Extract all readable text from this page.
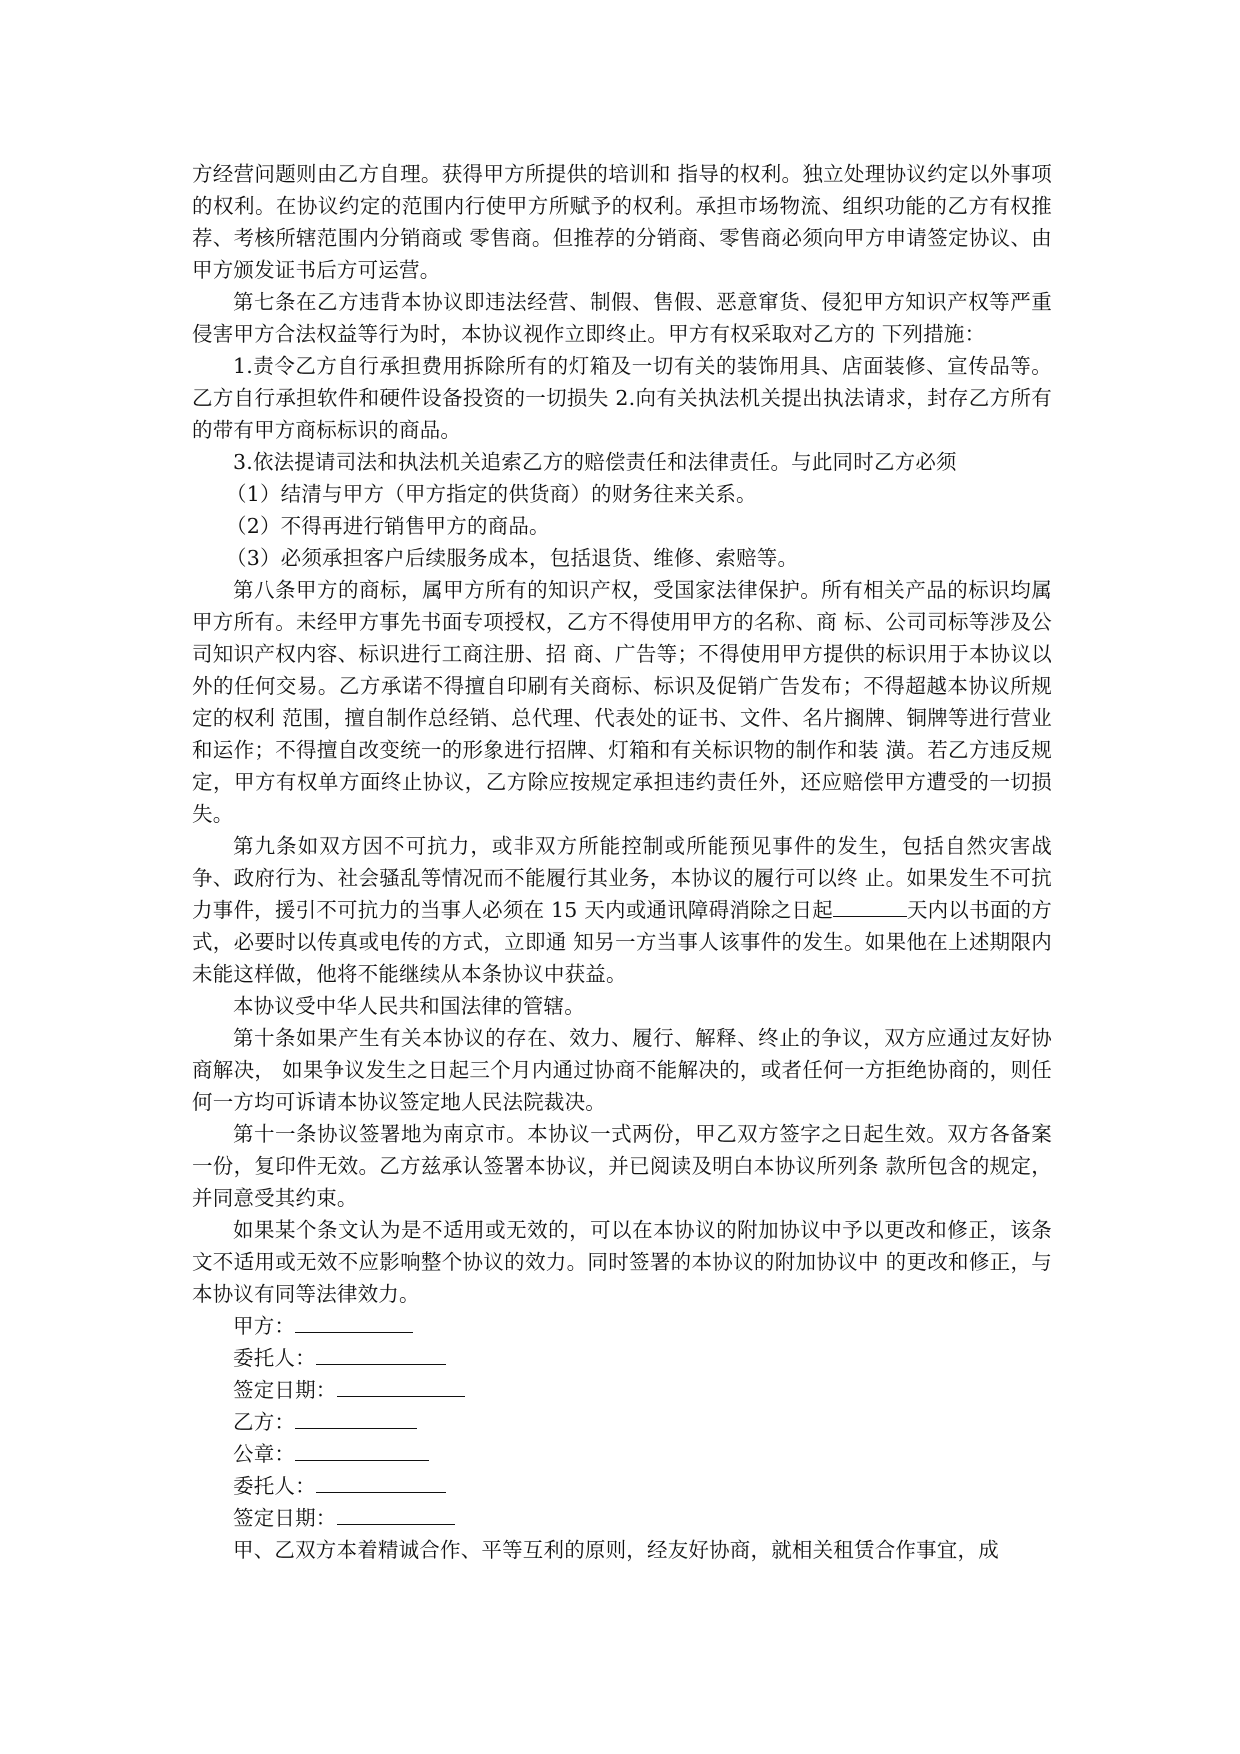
方经营问题则由乙方自理。获得甲方所提供的培训和 指导的权利。独立处理协议约定以外事项的权利。在协议约定的范围内行使甲方所赋予的权利。承担市场物流、组织功能的乙方有权推荐、考核所辖范围内分销商或 零售商。但推荐的分销商、零售商必须向甲方申请签定协议、由甲方颁发证书后方可运营。

第七条在乙方违背本协议即违法经营、制假、售假、恶意窜货、侵犯甲方知识产权等严重侵害甲方合法权益等行为时，本协议视作立即终止。甲方有权采取对乙方的 下列措施：

1.责令乙方自行承担费用拆除所有的灯箱及一切有关的装饰用具、店面装修、宣传品等。乙方自行承担软件和硬件设备投资的一切损失 2.向有关执法机关提出执法请求，封存乙方所有的带有甲方商标标识的商品。

3.依法提请司法和执法机关追索乙方的赔偿责任和法律责任。与此同时乙方必须

（1）结清与甲方（甲方指定的供货商）的财务往来关系。

（2）不得再进行销售甲方的商品。

（3）必须承担客户后续服务成本，包括退货、维修、索赔等。

第八条甲方的商标，属甲方所有的知识产权，受国家法律保护。所有相关产品的标识均属甲方所有。未经甲方事先书面专项授权，乙方不得使用甲方的名称、商 标、公司司标等涉及公司知识产权内容、标识进行工商注册、招 商、广告等；不得使用甲方提供的标识用于本协议以外的任何交易。乙方承诺不得擅自印刷有关商标、标识及促销广告发布；不得超越本协议所规定的权利 范围，擅自制作总经销、总代理、代表处的证书、文件、名片搁牌、铜牌等进行营业和运作；不得擅自改变统一的形象进行招牌、灯箱和有关标识物的制作和装 潢。若乙方违反规定，甲方有权单方面终止协议，乙方除应按规定承担违约责任外，还应赔偿甲方遭受的一切损失。

第九条如双方因不可抗力，或非双方所能控制或所能预见事件的发生，包括自然灾害战争、政府行为、社会骚乱等情况而不能履行其业务，本协议的履行可以终 止。如果发生不可抗力事件，援引不可抗力的当事人必须在 15 天内或通讯障碍消除之日起	天内以书面的方式，必要时以传真或电传的方式，立即通 知另一方当事人该事件的发生。如果他在上述期限内未能这样做，他将不能继续从本条协议中获益。

本协议受中华人民共和国法律的管辖。

第十条如果产生有关本协议的存在、效力、履行、解释、终止的争议，双方应通过友好协商解决， 如果争议发生之日起三个月内通过协商不能解决的，或者任何一方拒绝协商的，则任何一方均可诉请本协议签定地人民法院裁决。

第十一条协议签署地为南京市。本协议一式两份，甲乙双方签字之日起生效。双方各备案一份，复印件无效。乙方兹承认签署本协议，并已阅读及明白本协议所列条 款所包含的规定，并同意受其约束。

如果某个条文认为是不适用或无效的，可以在本协议的附加协议中予以更改和修正，该条文不适用或无效不应影响整个协议的效力。同时签署的本协议的附加协议中 的更改和修正，与本协议有同等法律效力。

甲方：

委托人：

签定日期：

乙方：

公章：

委托人：

签定日期：

甲、乙双方本着精诚合作、平等互利的原则，经友好协商，就相关租赁合作事宜，成
